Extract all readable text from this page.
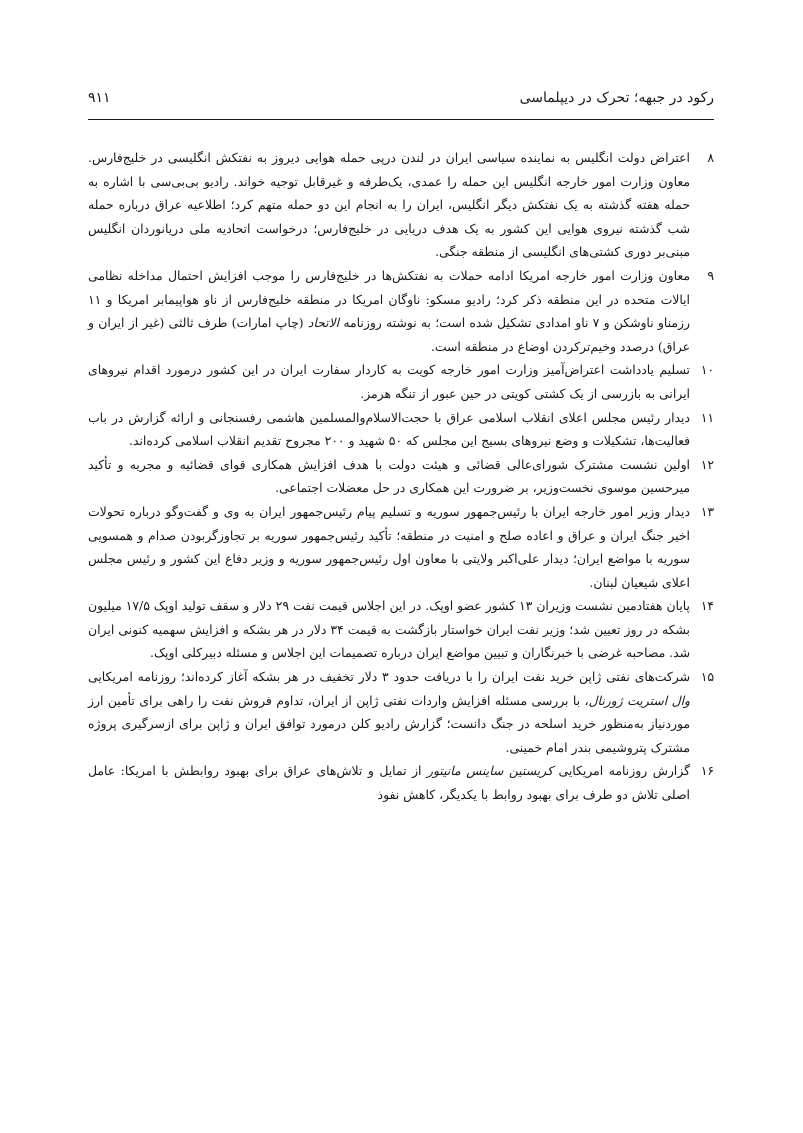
رکود در جبهه؛ تحرک در دیپلماسی
۹۱۱

۸
اعتراض دولت انگلیس به نماینده سیاسی ایران در لندن درپی حمله هوایی دیروز به نفتکش انگلیسی در خلیج‌فارس. معاون وزارت امور خارجه انگلیس این حمله را عمدی، یک‌طرفه و غیرقابل توجیه خواند. رادیو بی‌بی‌سی با اشاره به حمله هفته گذشته به یک نفتکش دیگر انگلیس، ایران را به انجام این دو حمله متهم کرد؛ اطلاعیه عراق درباره حمله شب گذشته نیروی هوایی این کشور به یک هدف دریایی در خلیج‌فارس؛ درخواست اتحادیه ملی دریانوردان انگلیس مبنی‌بر دوری کشتی‌های انگلیسی از منطقه جنگی.

۹
معاون وزارت امور خارجه امریکا ادامه حملات به نفتکش‌ها در خلیج‌فارس را موجب افزایش احتمال مداخله نظامی ایالات متحده در این منطقه ذکر کرد؛ رادیو مسکو: ناوگان امریکا در منطقه خلیج‌فارس از ناو هواپیمابر امریکا و ۱۱ رزمناو ناوشکن و ۷ ناو امدادی تشکیل شده است؛ به نوشته روزنامه الاتحاد (چاپ امارات) طرف ثالثی (غیر از ایران و عراق) درصدد وخیم‌ترکردن اوضاع در منطقه است.

۱۰
تسلیم یادداشت اعتراض‌آمیز وزارت امور خارجه کویت به کاردار سفارت ایران در این کشور درمورد اقدام نیروهای ایرانی به بازرسی از یک کشتی کویتی در حین عبور از تنگه هرمز.

۱۱
دیدار رئیس مجلس اعلای انقلاب اسلامی عراق با حجت‌الاسلام‌والمسلمین هاشمی رفسنجانی و ارائه گزارش در باب فعالیت‌ها، تشکیلات و وضع نیروهای بسیج این مجلس که ۵۰ شهید و ۲۰۰ مجروح تقدیم انقلاب اسلامی کرده‌اند.

۱۲
اولین نشست مشترک شورای‌عالی قضائی و هیئت دولت با هدف افزایش همکاری قوای قضائیه و مجریه و تأکید میرحسین موسوی نخست‌وزیر، بر ضرورت این همکاری در حل معضلات اجتماعی.

۱۳
دیدار وزیر امور خارجه ایران با رئیس‌جمهور سوریه و تسلیم پیام رئیس‌جمهور ایران به وی و گفت‌وگو درباره تحولات اخیر جنگ ایران و عراق و اعاده صلح و امنیت در منطقه؛ تأکید رئیس‌جمهور سوریه بر تجاوزگربودن صدام و همسویی سوریه با مواضع ایران؛ دیدار علی‌اکبر ولایتی با معاون اول رئیس‌جمهور سوریه و وزیر دفاع این کشور و رئیس مجلس اعلای شیعیان لبنان.

۱۴
پایان هفتادمین نشست وزیران ۱۳ کشور عضو اوپک. در این اجلاس قیمت نفت ۲۹ دلار و سقف تولید اوپک ۱۷/۵ میلیون بشکه در روز تعیین شد؛ وزیر نفت ایران خواستار بازگشت به قیمت ۳۴ دلار در هر بشکه و افزایش سهمیه کنونی ایران شد. مصاحبه غرضی با خبرنگاران و تبیین مواضع ایران درباره تصمیمات این اجلاس و مسئله دبیرکلی اوپک.

۱۵
شرکت‌های نفتی ژاپن خرید نفت ایران را با دریافت حدود ۳ دلار تخفیف در هر بشکه آغاز کرده‌اند؛ روزنامه امریکایی وال استریت ژورنال، با بررسی مسئله افزایش واردات نفتی ژاپن از ایران، تداوم فروش نفت را راهی برای تأمین ارز موردنیاز به‌منظور خرید اسلحه در جنگ دانست؛ گزارش رادیو کلن درمورد توافق ایران و ژاپن برای ازسرگیری پروژه مشترک پتروشیمی بندر امام خمینی.

۱۶
گزارش روزنامه امریکایی کریستین ساینس مانیتور از تمایل و تلاش‌های عراق برای بهبود روابطش با امریکا: عامل اصلی تلاش دو طرف برای بهبود روابط با یکدیگر، کاهش نفوذ
